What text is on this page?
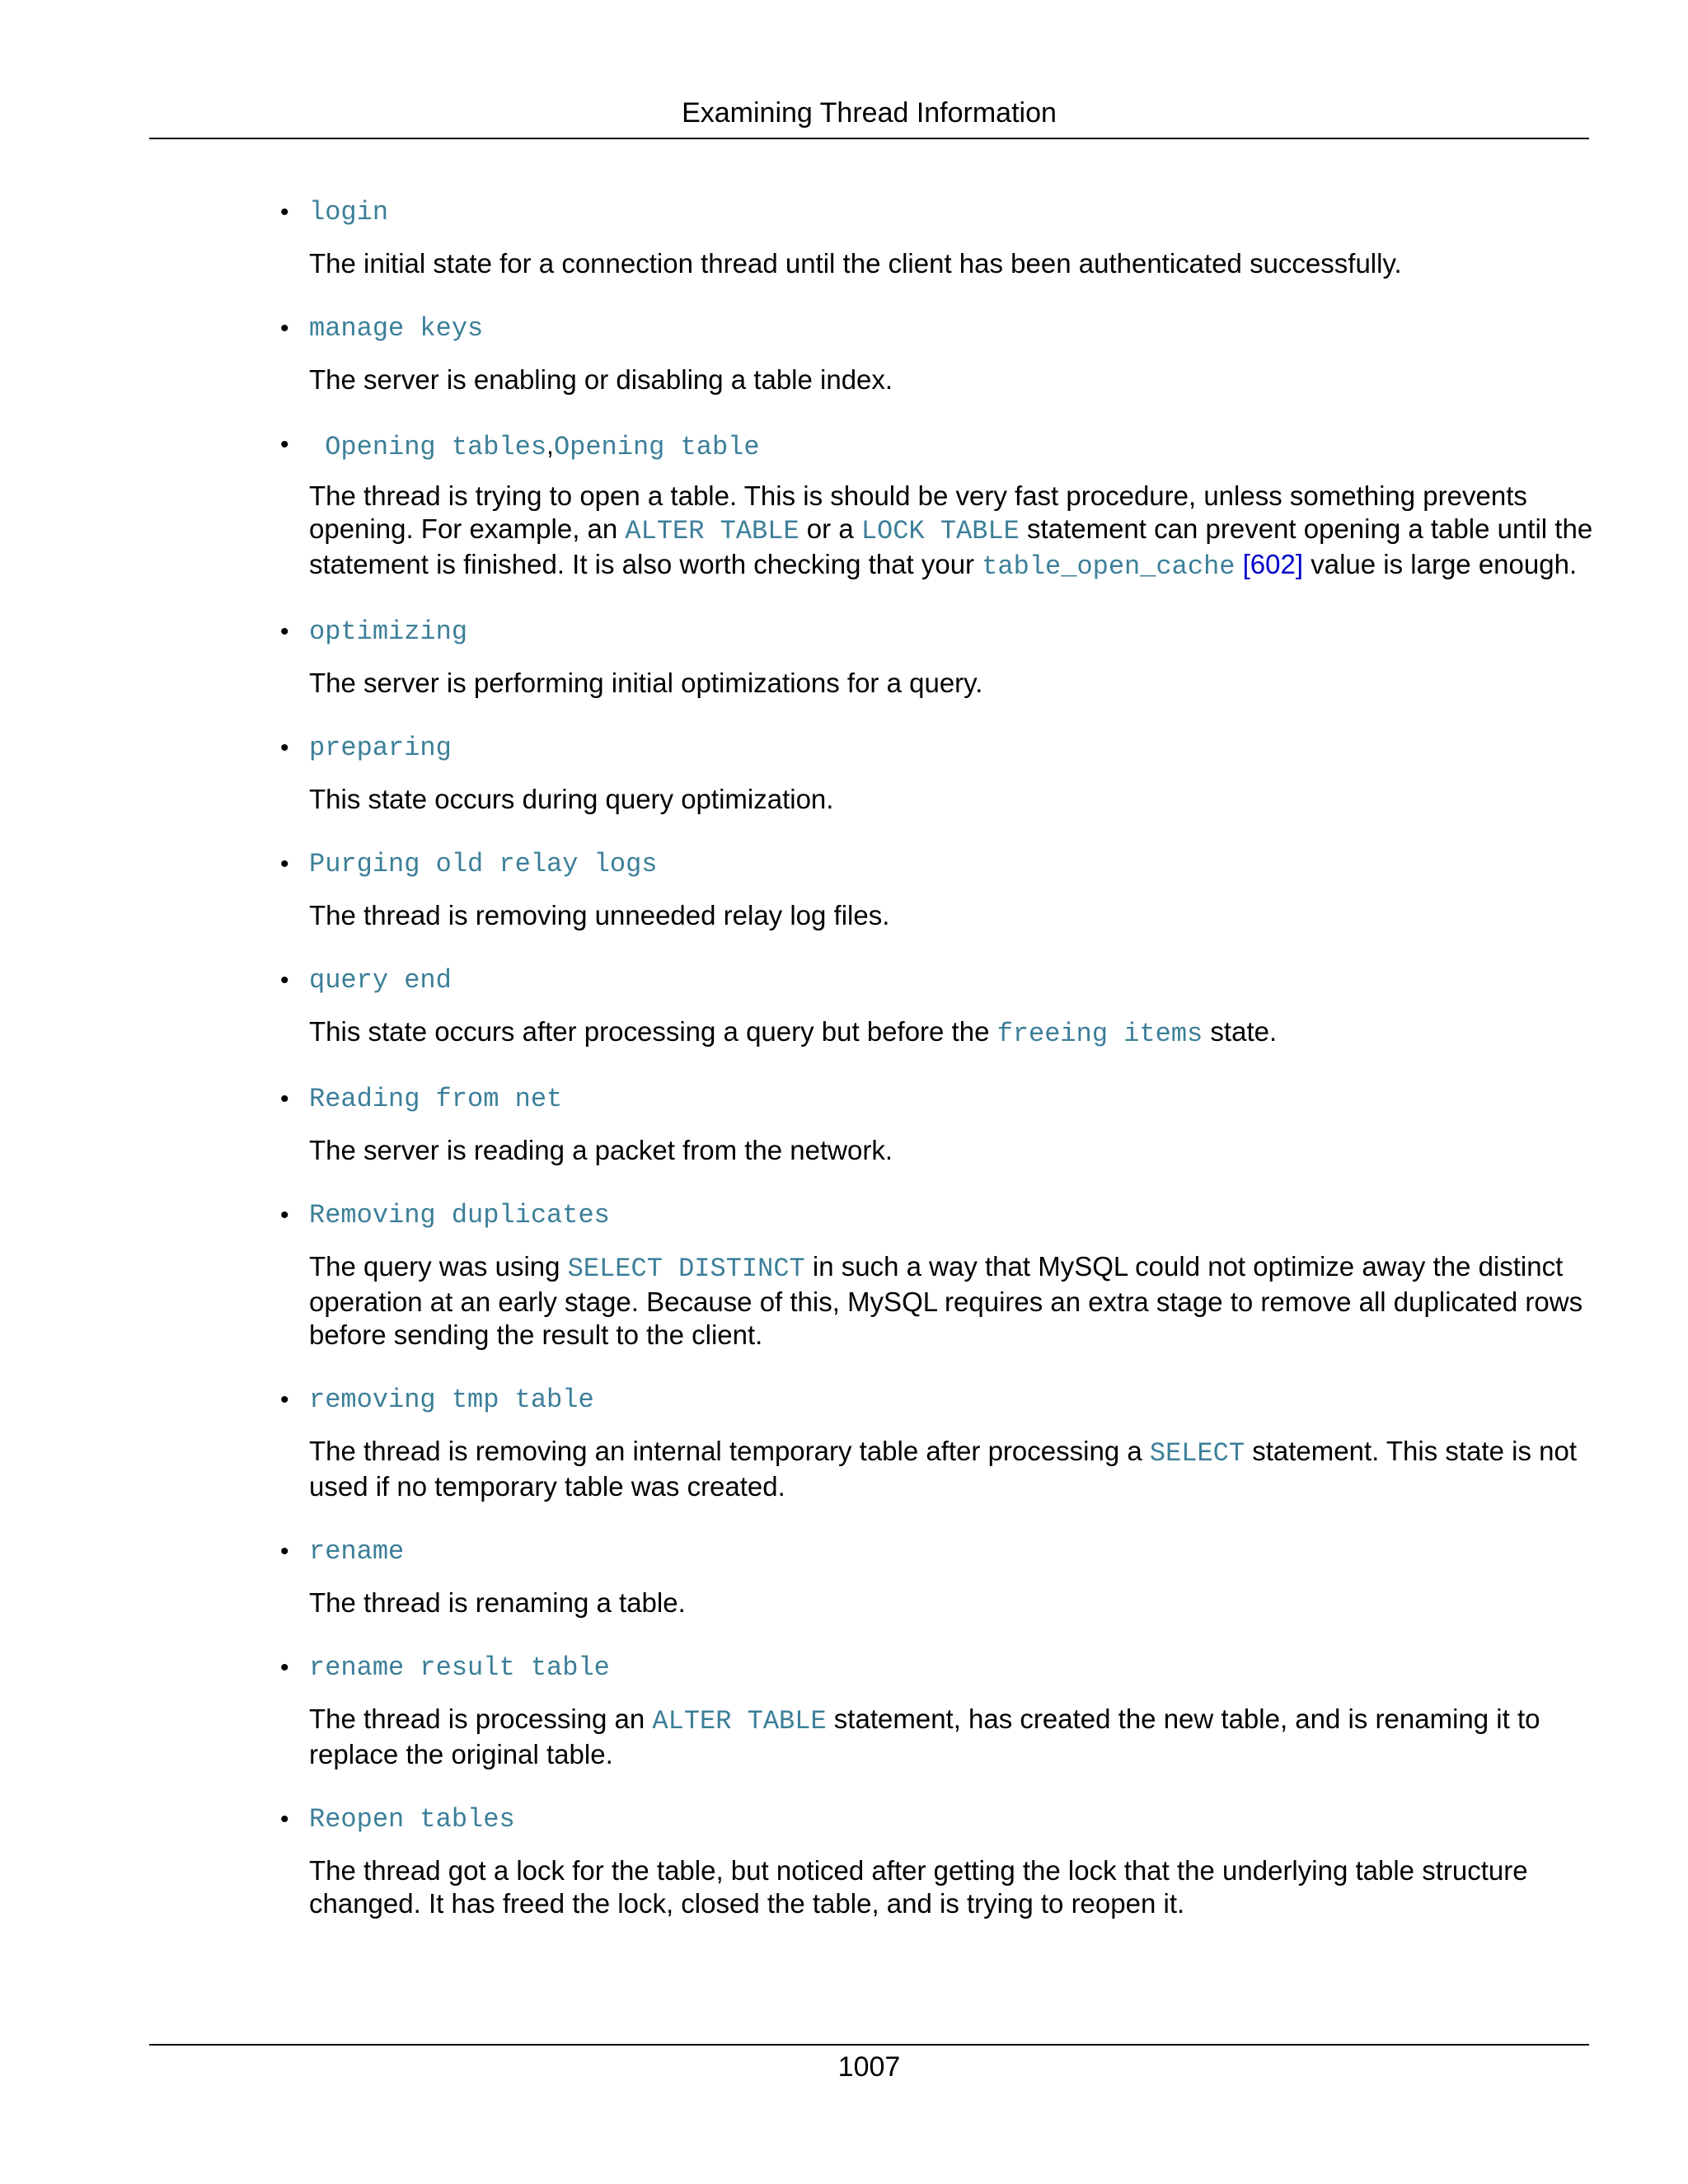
Examining Thread Information
• login

The initial state for a connection thread until the client has been authenticated successfully.

• manage keys

The server is enabling or disabling a table index.

•	Opening tables,Opening table

The thread is trying to open a table. This is should be very fast procedure, unless something prevents opening. For example, an ALTER TABLE or a LOCK TABLE statement can prevent opening a table until the statement is finished. It is also worth checking that your table_open_cache [602] value is large enough.

• optimizing

The server is performing initial optimizations for a query.

• preparing

This state occurs during query optimization.

• Purging old relay logs

The thread is removing unneeded relay log files.

• query end

This state occurs after processing a query but before the freeing items state.

• Reading from net

The server is reading a packet from the network.

• Removing duplicates

The query was using SELECT DISTINCT in such a way that MySQL could not optimize away the distinct operation at an early stage. Because of this, MySQL requires an extra stage to remove all duplicated rows before sending the result to the client.

• removing tmp table

The thread is removing an internal temporary table after processing a SELECT statement. This state is not used if no temporary table was created.

• rename

The thread is renaming a table.

• rename result table

The thread is processing an ALTER TABLE statement, has created the new table, and is renaming it to replace the original table.

• Reopen tables

The thread got a lock for the table, but noticed after getting the lock that the underlying table structure changed. It has freed the lock, closed the table, and is trying to reopen it.

1007
